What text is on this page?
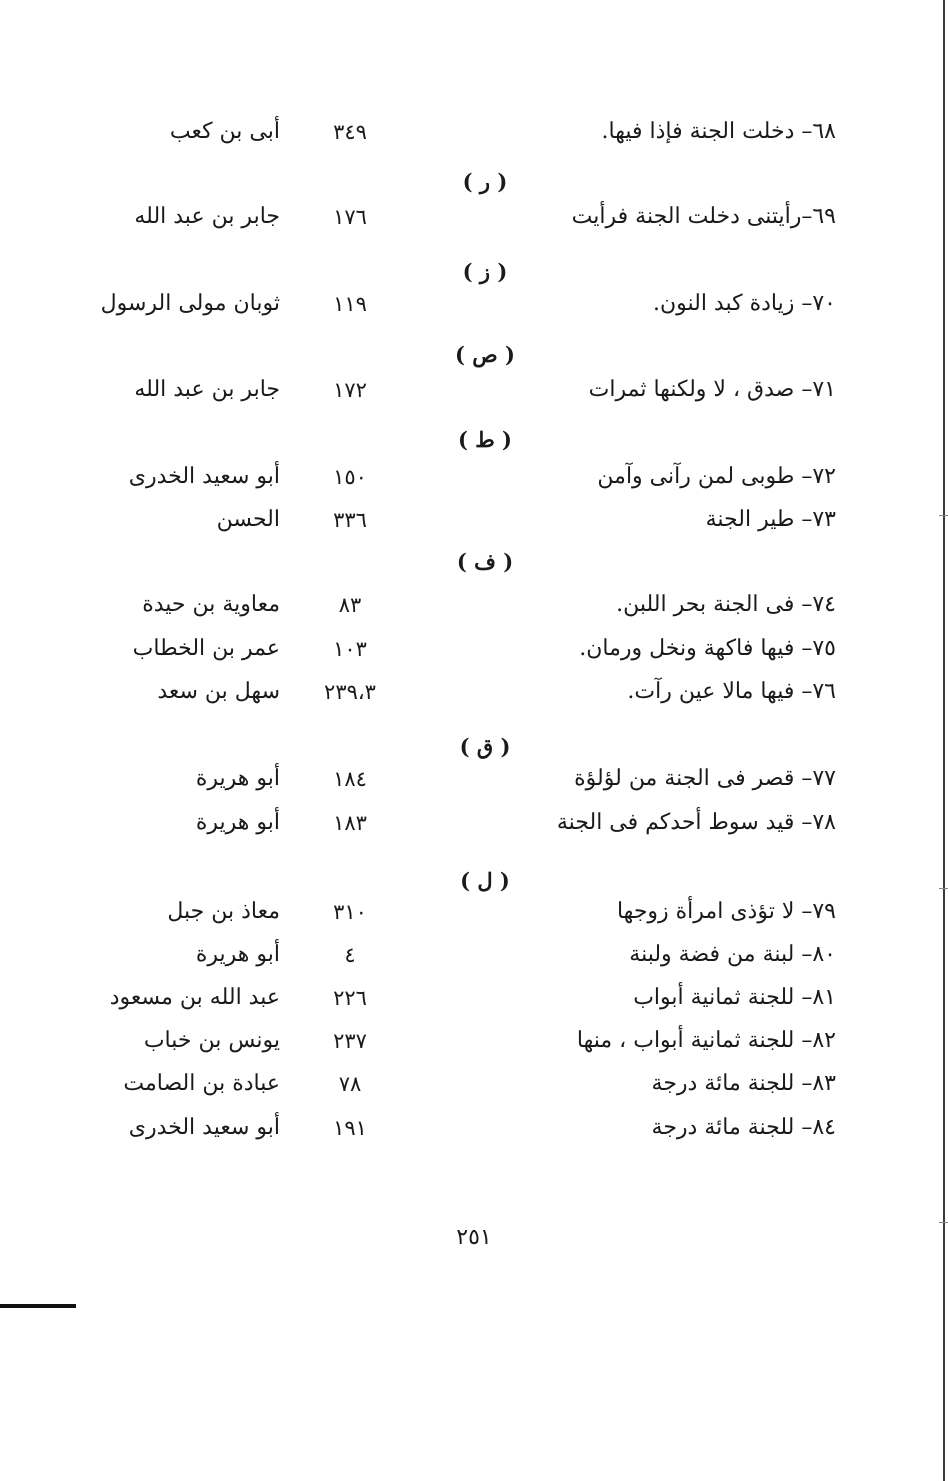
٦٨– دخلت الجنة فإذا فيها.
٣٤٩
أبى بن كعب
( ر )
٦٩–رأيتنى دخلت الجنة فرأيت
١٧٦
جابر بن عبد الله
( ز )
٧٠– زيادة كبد النون.
١١٩
ثوبان مولى الرسول
( ص )
٧١– صدق ، لا ولكنها ثمرات
١٧٢
جابر بن عبد الله
( ط )
٧٢– طوبى لمن رآنى وآمن
١٥٠
أبو سعيد الخدرى
٧٣– طير الجنة
٣٣٦
الحسن
( ف )
٧٤– فى الجنة بحر اللبن.
٨٣
معاوية بن حيدة
٧٥– فيها فاكهة ونخل ورمان.
١٠٣
عمر بن الخطاب
٧٦– فيها مالا عين رآت.
٢٣٩،٣
سهل بن سعد
( ق )
٧٧– قصر فى الجنة من لؤلؤة
١٨٤
أبو هريرة
٧٨– قيد سوط أحدكم فى الجنة
١٨٣
أبو هريرة
( ل )
٧٩– لا تؤذى امرأة زوجها
٣١٠
معاذ بن جبل
٨٠– لبنة من فضة ولبنة
٤
أبو هريرة
٨١– للجنة ثمانية أبواب
٢٢٦
عبد الله بن مسعود
٨٢– للجنة ثمانية أبواب ، منها
٢٣٧
يونس بن خباب
٨٣– للجنة مائة درجة
٧٨
عبادة بن الصامت
٨٤– للجنة مائة درجة
١٩١
أبو سعيد الخدرى
٢٥١
